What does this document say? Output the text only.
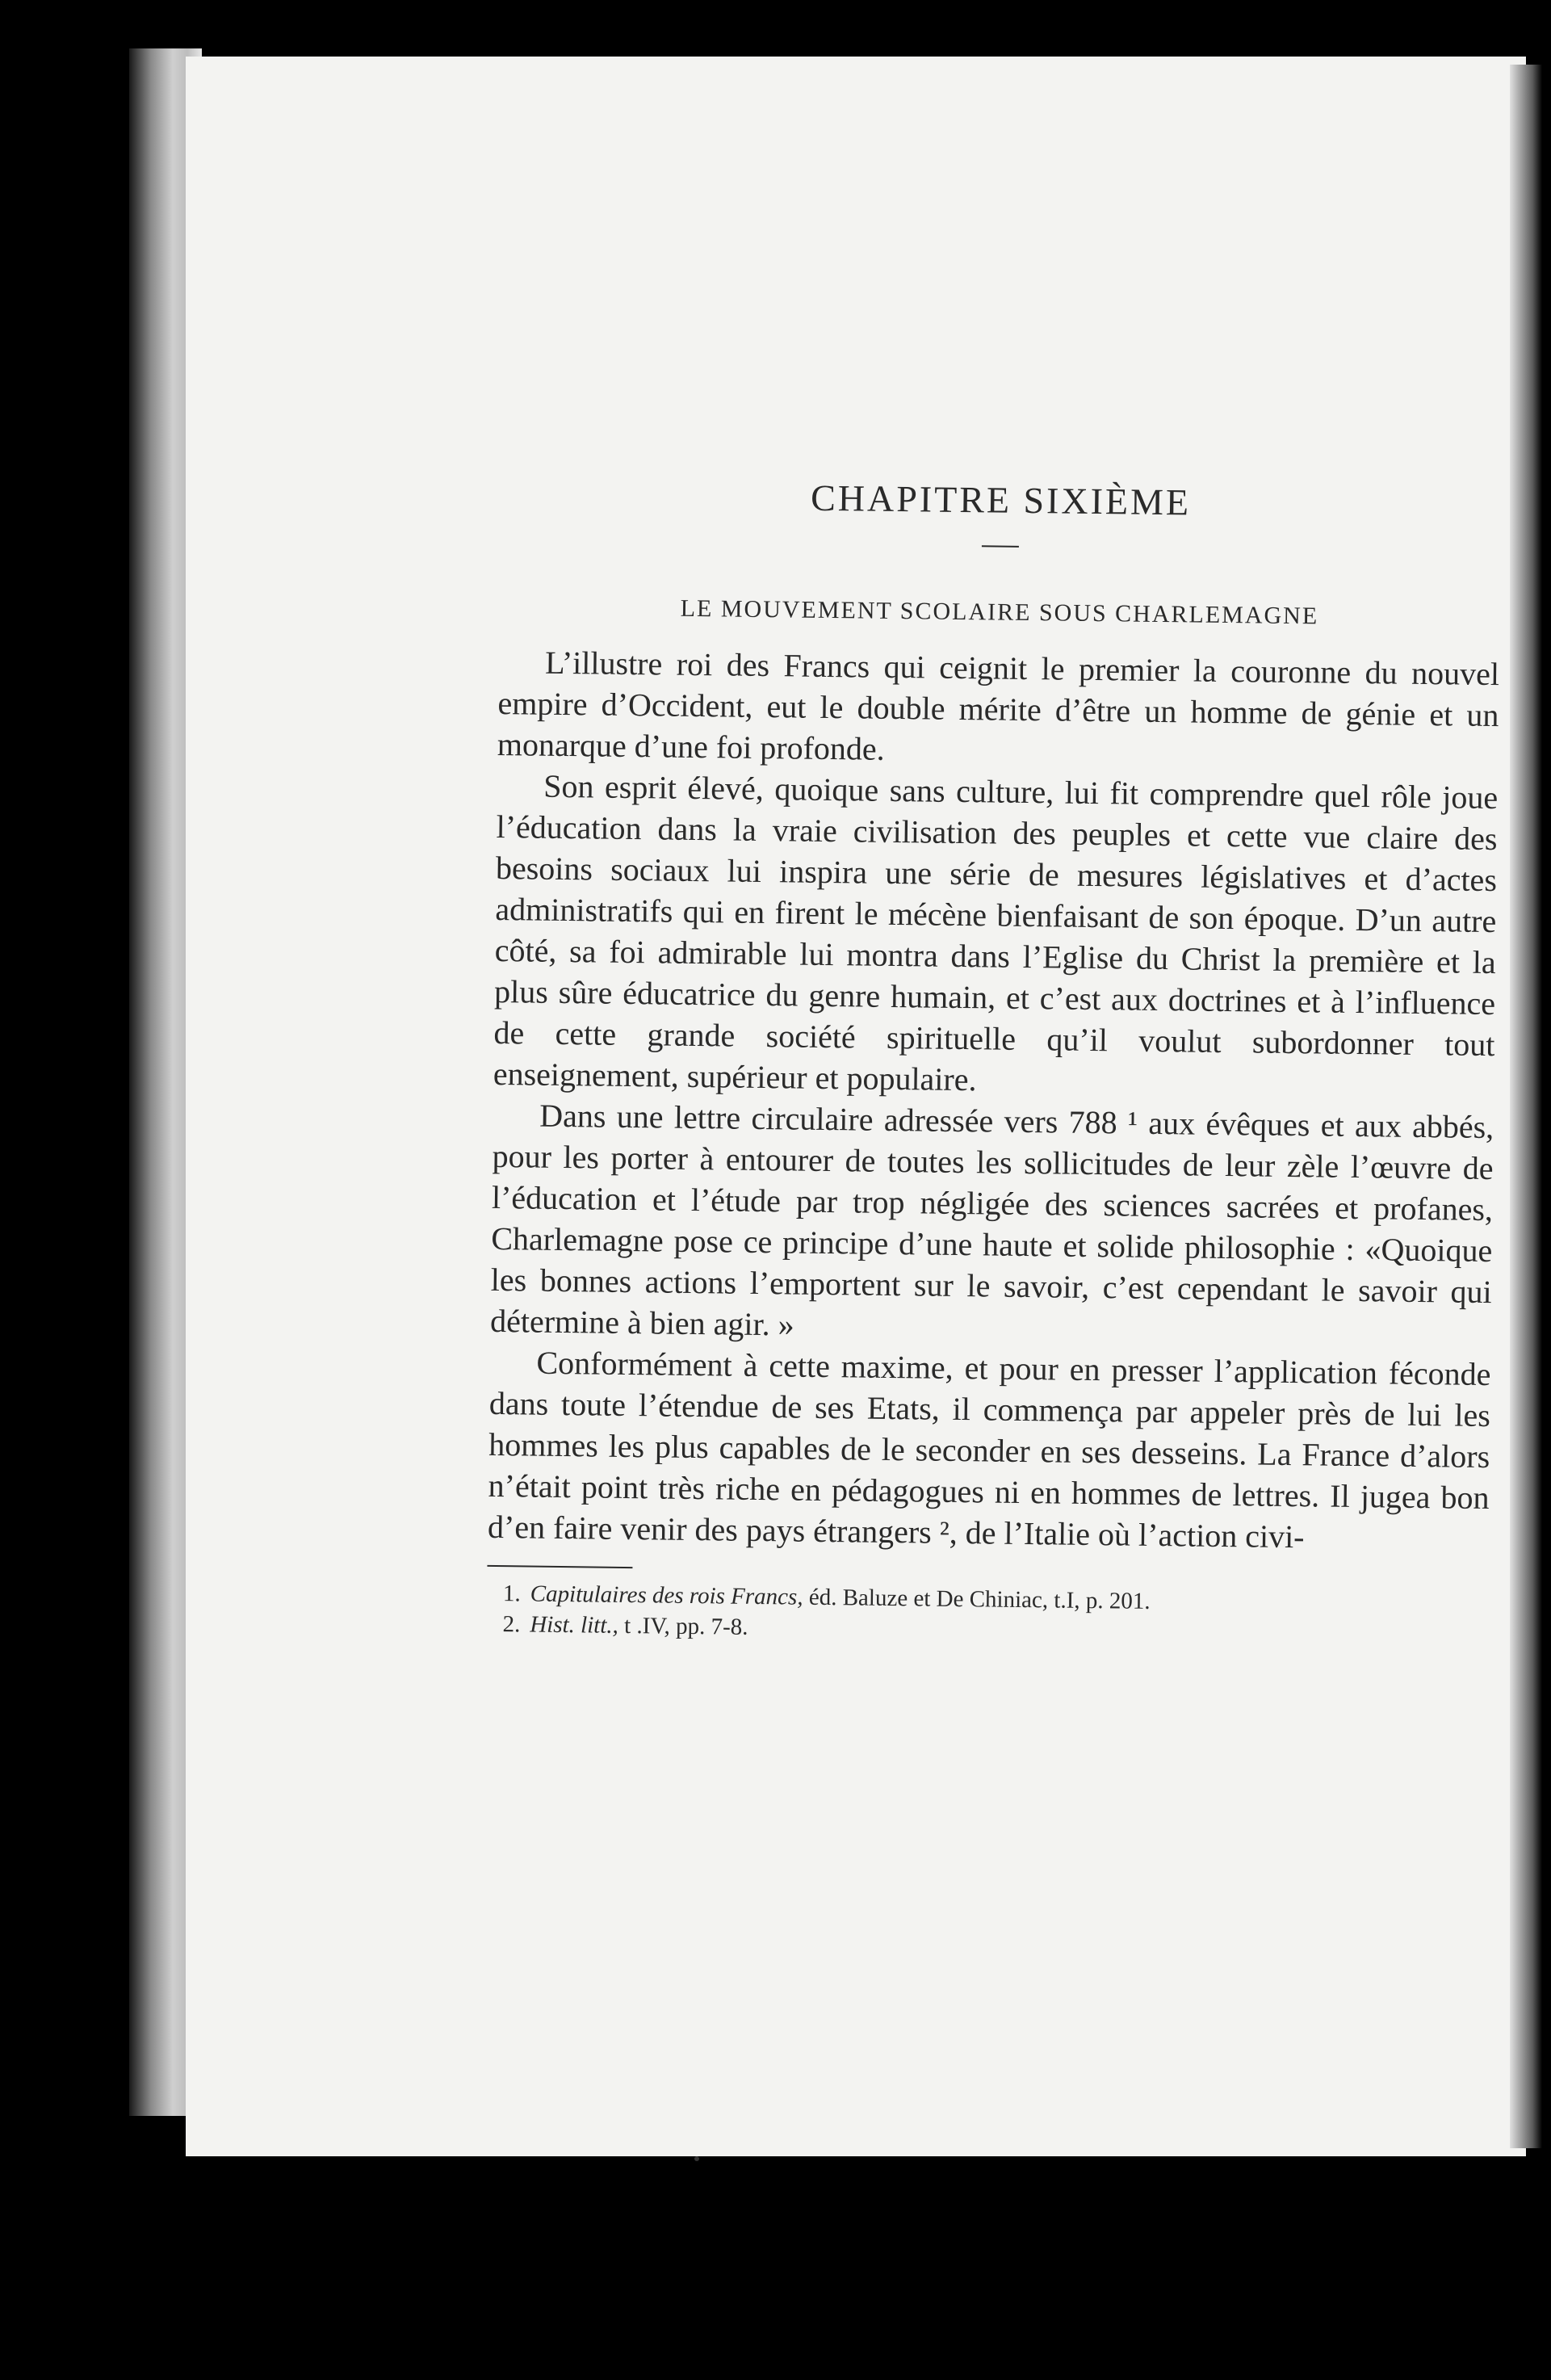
CHAPITRE SIXIÈME
LE MOUVEMENT SCOLAIRE SOUS CHARLEMAGNE

L’illustre roi des Francs qui ceignit le premier la couronne du nouvel empire d’Occident, eut le double mérite d’être un homme de génie et un monarque d’une foi profonde.

Son esprit élevé, quoique sans culture, lui fit comprendre quel rôle joue l’éducation dans la vraie civilisation des peuples et cette vue claire des besoins sociaux lui inspira une série de mesures législatives et d’actes administratifs qui en firent le mécène bienfaisant de son époque. D’un autre côté, sa foi admirable lui montra dans l’Eglise du Christ la première et la plus sûre éducatrice du genre humain, et c’est aux doctrines et à l’influence de cette grande société spirituelle qu’il voulut subordonner tout enseignement, supérieur et populaire.

Dans une lettre circulaire adressée vers 788 ¹ aux évêques et aux abbés, pour les porter à entourer de toutes les sollicitudes de leur zèle l’œuvre de l’éducation et l’étude par trop négligée des sciences sacrées et profanes, Charlemagne pose ce principe d’une haute et solide philosophie : «Quoique les bonnes actions l’emportent sur le savoir, c’est cependant le savoir qui détermine à bien agir. »

Conformément à cette maxime, et pour en presser l’application féconde dans toute l’étendue de ses Etats, il commença par appeler près de lui les hommes les plus capables de le seconder en ses desseins. La France d’alors n’était point très riche en pédagogues ni en hommes de lettres. Il jugea bon d’en faire venir des pays étrangers ², de l’Italie où l’action civi-

1. Capitulaires des rois Francs, éd. Baluze et De Chiniac, t.I, p. 201.

2. Hist. litt., t .IV, pp. 7-8.
